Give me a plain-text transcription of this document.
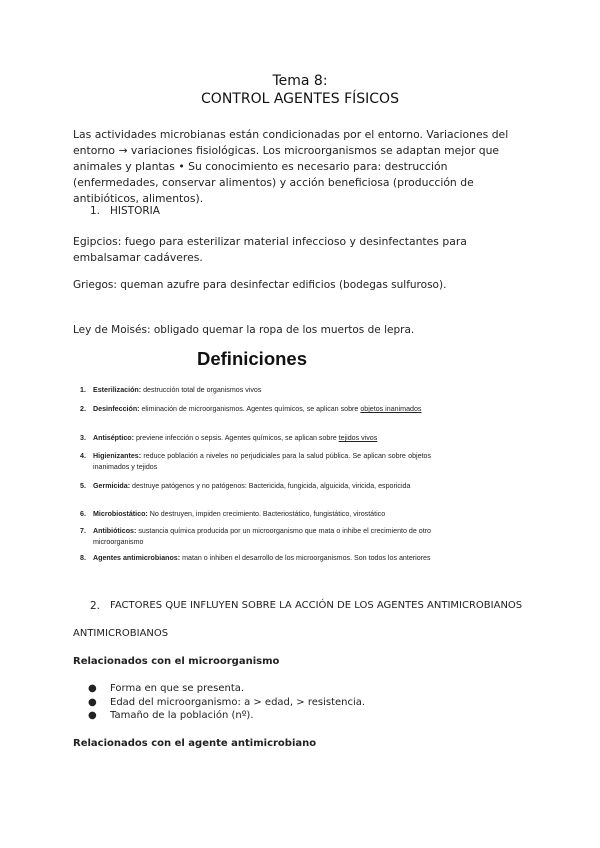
Tema 8:
CONTROL AGENTES FÍSICOS
Las actividades microbianas están condicionadas por el entorno. Variaciones del entorno → variaciones fisiológicas. Los microorganismos se adaptan mejor que animales y plantas • Su conocimiento es necesario para: destrucción (enfermedades, conservar alimentos) y acción beneficiosa (producción de antibióticos, alimentos).
1. HISTORIA
Egipcios: fuego para esterilizar material infeccioso y desinfectantes para embalsamar cadáveres.
Griegos: queman azufre para desinfectar edificios (bodegas sulfuroso).
Ley de Moisés: obligado quemar la ropa de los muertos de lepra.
Definiciones
1. Esterilización: destrucción total de organismos vivos
2. Desinfección: eliminación de microorganismos. Agentes químicos, se aplican sobre objetos inanimados
3. Antiséptico: previene infección o sepsis. Agentes químicos, se aplican sobre tejidos vivos
4. Higienizantes: reduce población a niveles no perjudiciales para la salud pública. Se aplican sobre objetos inanimados y tejidos
5. Germicida: destruye patógenos y no patógenos: Bactericida, fungicida, alguicida, viricida, esporicida
6. Microbiostático: No destruyen, impiden crecimiento. Bacteriostático, fungistático, virostático
7. Antibióticos: sustancia química producida por un microorganismo que mata o inhibe el crecimiento de otro microorganismo
8. Agentes antimicrobianos: matan o inhiben el desarrollo de los microorganismos. Son todos los anteriores
2. FACTORES QUE INFLUYEN SOBRE LA ACCIÓN DE LOS AGENTES ANTIMICROBIANOS
ANTIMICROBIANOS
Relacionados con el microorganismo
● Forma en que se presenta.
● Edad del microorganismo: a > edad, > resistencia.
● Tamaño de la población (nº).
Relacionados con el agente antimicrobiano
